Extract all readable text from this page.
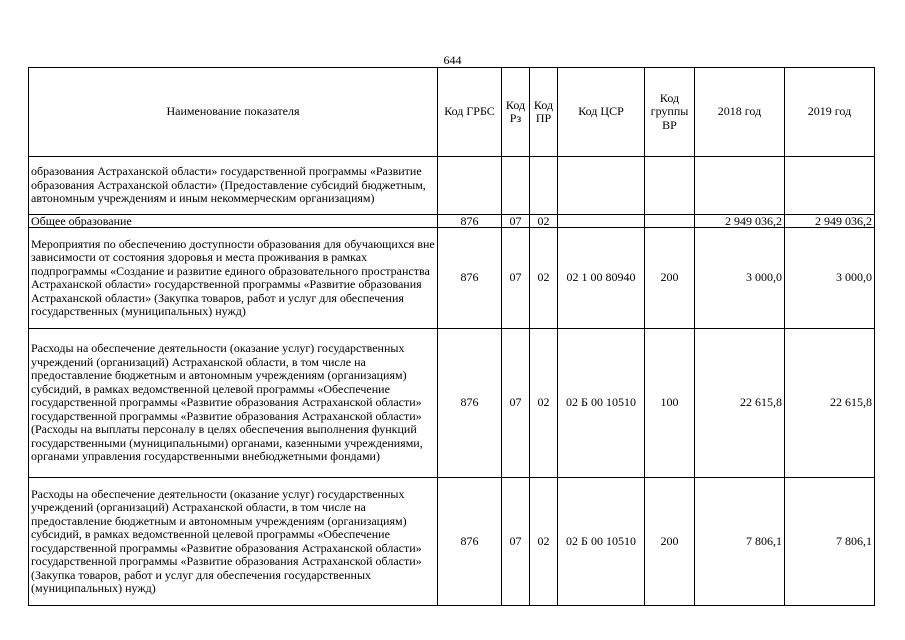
644
Наименование показателя	Код ГРБС	Код Рз	Код ПР	Код ЦСР	Код группы ВР	2018 год	2019 год
образования Астраханской области» государственной программы «Развитие образования Астраханской области» (Предоставление субсидий бюджетным, автономным учреждениям и иным некоммерческим организациям)							
Общее образование	876	07	02			2 949 036,2	2 949 036,2
Мероприятия по обеспечению доступности образования для обучающихся вне зависимости от состояния здоровья и места проживания в рамках подпрограммы «Создание и развитие единого образовательного пространства Астраханской области» государственной программы «Развитие образования Астраханской области» (Закупка товаров, работ и услуг для обеспечения государственных (муниципальных) нужд)	876	07	02	02 1 00 80940	200	3 000,0	3 000,0
Расходы на обеспечение деятельности (оказание услуг) государственных учреждений (организаций) Астраханской области, в том числе на предоставление бюджетным и автономным учреждениям (организациям) субсидий, в рамках ведомственной целевой программы «Обеспечение государственной программы «Развитие образования Астраханской области» государственной программы «Развитие образования Астраханской области» (Расходы на выплаты персоналу в целях обеспечения выполнения функций государственными (муниципальными) органами, казенными учреждениями, органами управления государственными внебюджетными фондами)	876	07	02	02 Б 00 10510	100	22 615,8	22 615,8
Расходы на обеспечение деятельности (оказание услуг) государственных учреждений (организаций) Астраханской области, в том числе на предоставление бюджетным и автономным учреждениям (организациям) субсидий, в рамках ведомственной целевой программы «Обеспечение государственной программы «Развитие образования Астраханской области» государственной программы «Развитие образования Астраханской области» (Закупка товаров, работ и услуг для обеспечения государственных (муниципальных) нужд)	876	07	02	02 Б 00 10510	200	7 806,1	7 806,1
